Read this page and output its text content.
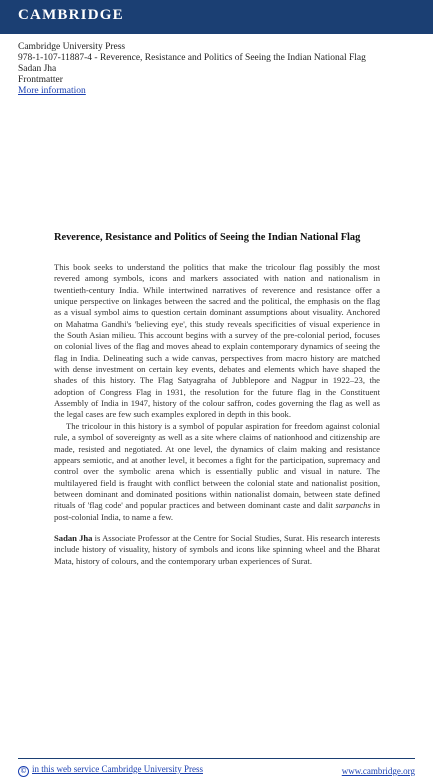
CAMBRIDGE
Cambridge University Press
978-1-107-11887-4 - Reverence, Resistance and Politics of Seeing the Indian National Flag
Sadan Jha
Frontmatter
More information
Reverence, Resistance and Politics of Seeing the Indian National Flag

This book seeks to understand the politics that make the tricolour flag possibly the most revered among symbols, icons and markers associated with nation and nationalism in twentieth-century India. While intertwined narratives of reverence and resistance offer a unique perspective on linkages between the sacred and the political, the emphasis on the flag as a visual symbol aims to question certain dominant assumptions about visuality. Anchored on Mahatma Gandhi's 'believing eye', this study reveals specificities of visual experience in the South Asian milieu. This account begins with a survey of the pre-colonial period, focuses on colonial lives of the flag and moves ahead to explain contemporary dynamics of seeing the flag in India. Delineating such a wide canvas, perspectives from macro history are matched with dense investment on certain key events, debates and elements which have shaped the shades of this history. The Flag Satyagraha of Jubblepore and Nagpur in 1922–23, the adoption of Congress Flag in 1931, the resolution for the future flag in the Constituent Assembly of India in 1947, history of the colour saffron, codes governing the flag as well as the legal cases are few such examples explored in depth in this book.

The tricolour in this history is a symbol of popular aspiration for freedom against colonial rule, a symbol of sovereignty as well as a site where claims of nationhood and citizenship are made, resisted and negotiated. At one level, the dynamics of claim making and resistance appears semiotic, and at another level, it becomes a fight for the participation, supremacy and control over the symbolic arena which is essentially public and visual in nature. The multilayered field is fraught with conflict between the colonial state and nationalist position, between dominant and dominated positions within nationalist domain, between state defined rituals of 'flag code' and popular practices and between dominant caste and dalit sarpanchs in post-colonial India, to name a few.

Sadan Jha is Associate Professor at the Centre for Social Studies, Surat. His research interests include history of visuality, history of symbols and icons like spinning wheel and the Bharat Mata, history of colours, and the contemporary urban experiences of Surat.

© in this web service Cambridge University Press	www.cambridge.org
